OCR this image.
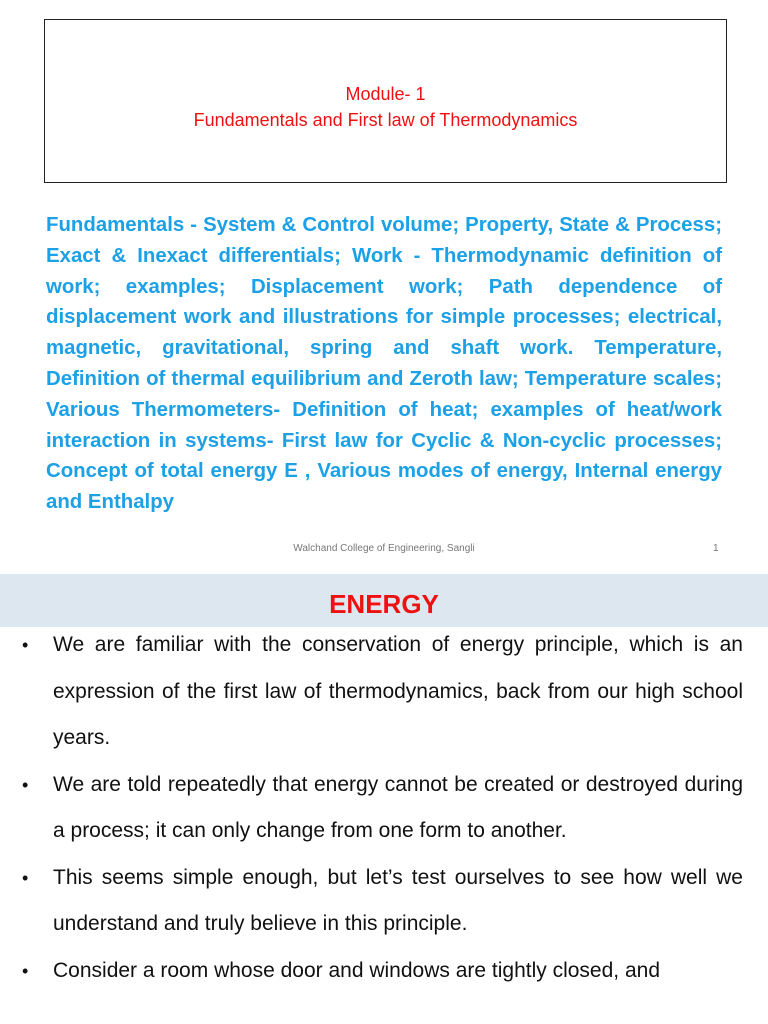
Module- 1
Fundamentals and First law of Thermodynamics

Fundamentals - System & Control volume; Property, State & Process; Exact & Inexact differentials; Work - Thermodynamic definition of work; examples; Displacement work; Path dependence of displacement work and illustrations for simple processes; electrical, magnetic, gravitational, spring and shaft work. Temperature, Definition of thermal equilibrium and Zeroth law; Temperature scales; Various Thermometers- Definition of heat; examples of heat/work interaction in systems- First law for Cyclic & Non-cyclic processes; Concept of total energy E , Various modes of energy, Internal energy and Enthalpy

Walchand College of Engineering, Sangli	1
ENERGY
• We are familiar with the conservation of energy principle, which is an expression of the first law of thermodynamics, back from our high school years.
• We are told repeatedly that energy cannot be created or destroyed during a process; it can only change from one form to another.
• This seems simple enough, but let’s test ourselves to see how well we understand and truly believe in this principle.
• Consider a room whose door and windows are tightly closed, and
